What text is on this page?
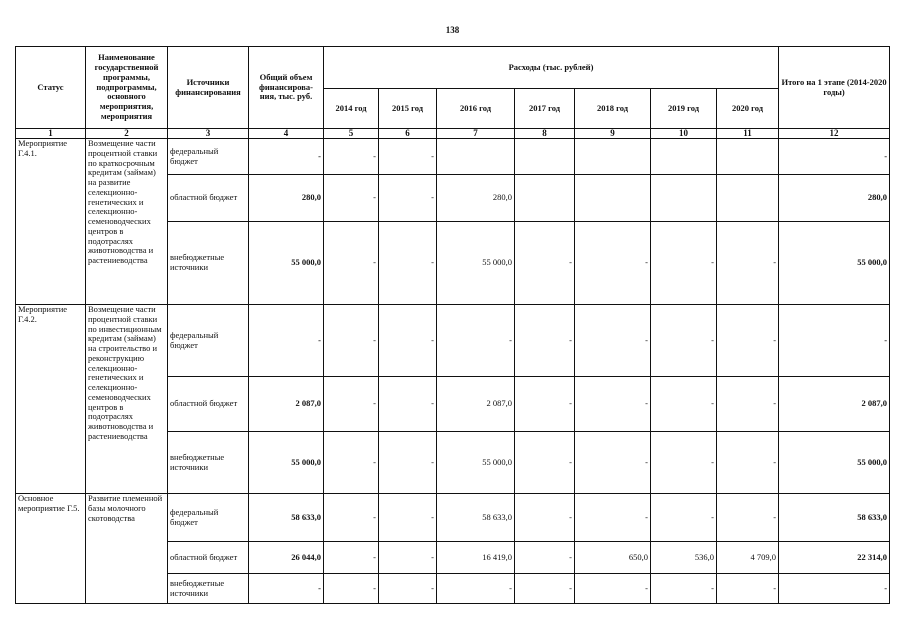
138
Статус	Наименование государственной программы, подпрограммы, основного мероприятия, мероприятия	Источники финансирования	Общий объем финансирова-ния, тыс. руб.	Расходы (тыс. рублей)							Итого на 1 этапе (2014-2020 годы)
				2014 год	2015 год	2016 год	2017 год	2018 год	2019 год	2020 год	
1	2	3	4	5	6	7	8	9	10	11	12
Мероприятие Г.4.1.	Возмещение части процентной ставки по краткосрочным кредитам (займам) на развитие селекционно-генетических и селекционно-семеноводческих центров в подотраслях животноводства и растениеводства	федеральный бюджет	-	-	-						-
		областной бюджет	280,0	-	-	280,0					280,0
		внебюджетные источники	55 000,0	-	-	55 000,0	-	-	-	-	55 000,0
Мероприятие Г.4.2.	Возмещение части процентной ставки по инвестиционным кредитам (займам) на строительство и реконструкцию селекционно-генетических и селекционно-семеноводческих центров в подотраслях животноводства и растениеводства	федеральный бюджет	-	-	-	-	-	-	-	-	-
		областной бюджет	2 087,0	-	-	2 087,0	-	-	-	-	2 087,0
		внебюджетные источники	55 000,0	-	-	55 000,0	-	-	-	-	55 000,0
Основное мероприятие Г.5.	Развитие племенной базы молочного скотоводства	федеральный бюджет	58 633,0	-	-	58 633,0	-	-	-	-	58 633,0
		областной бюджет	26 044,0	-	-	16 419,0	-	650,0	536,0	4 709,0	22 314,0
		внебюджетные источники	-	-	-	-	-	-	-	-	-
